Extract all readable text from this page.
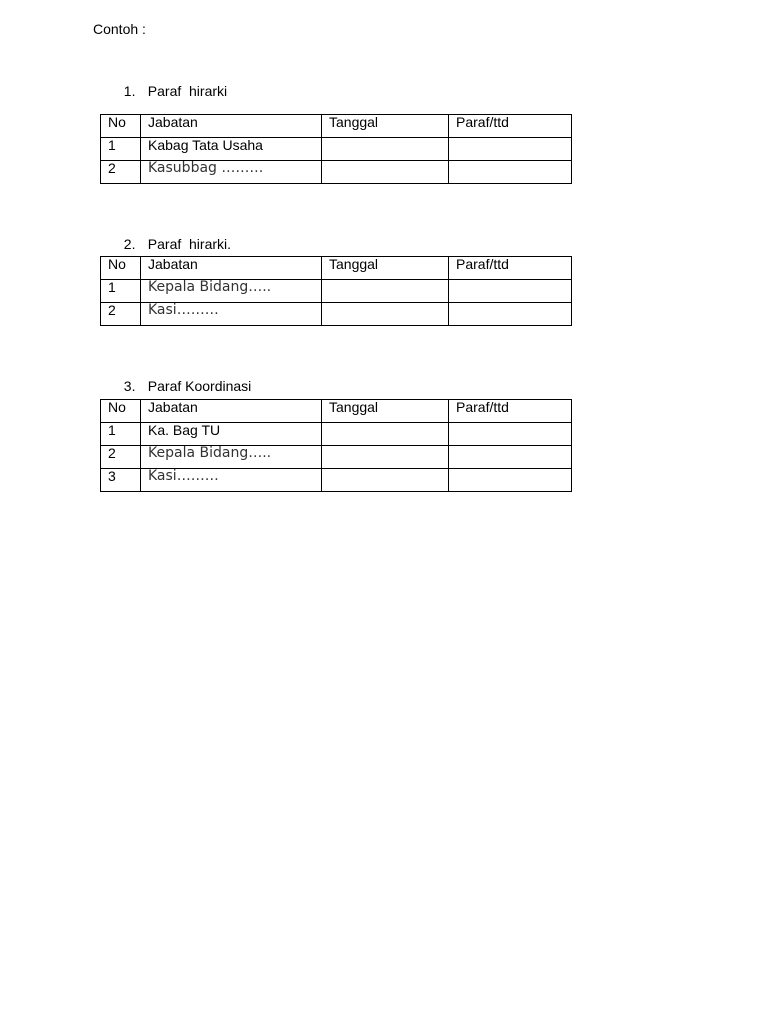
Contoh :

1. Paraf  hirarki

No	Jabatan	Tanggal	Paraf/ttd
1	Kabag Tata Usaha		
2	Kasubbag ………		

2. Paraf  hirarki.

No	Jabatan	Tanggal	Paraf/ttd
1	Kepala Bidang…..		
2	Kasi………		

3. Paraf Koordinasi

No	Jabatan	Tanggal	Paraf/ttd
1	Ka. Bag TU		
2	Kepala Bidang…..		
3	Kasi………		
